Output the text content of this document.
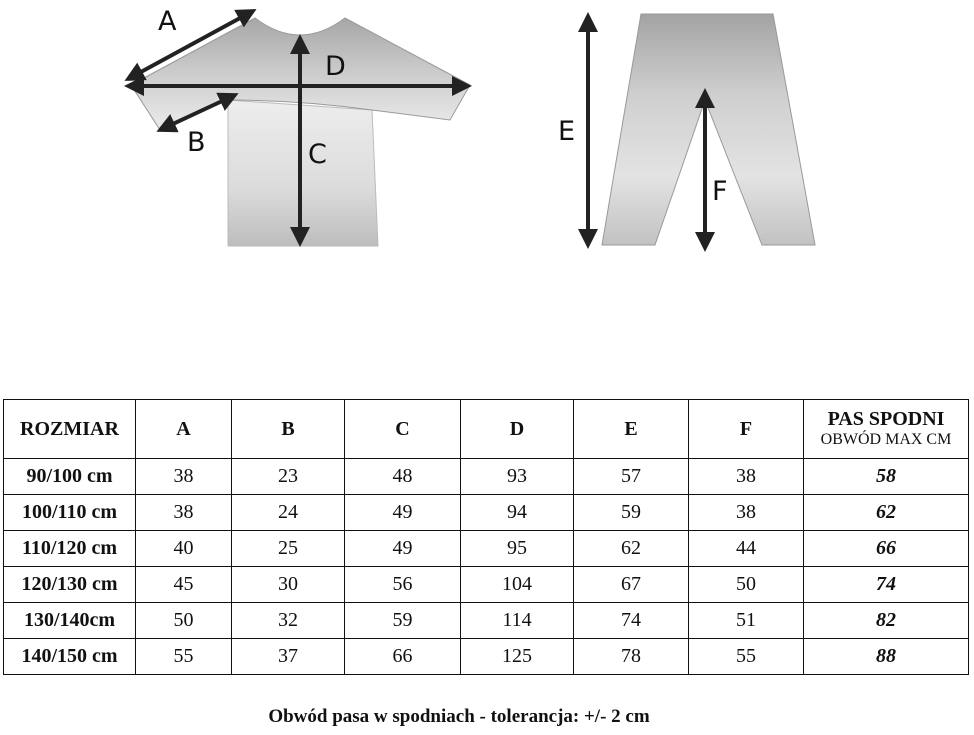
A
D
B	C
E
F
ROZMIAR	A	B	C	D	E	F	PAS SPODNI
OBWÓD MAX CM

90/100 cm	38	23	48	93	57	38	58
100/110 cm	38	24	49	94	59	38	62
110/120 cm	40	25	49	95	62	44	66
120/130 cm	45	30	56	104	67	50	74
130/140cm	50	32	59	114	74	51	82
140/150 cm	55	37	66	125	78	55	88
Obwód pasa w spodniach - tolerancja: +/- 2 cm
